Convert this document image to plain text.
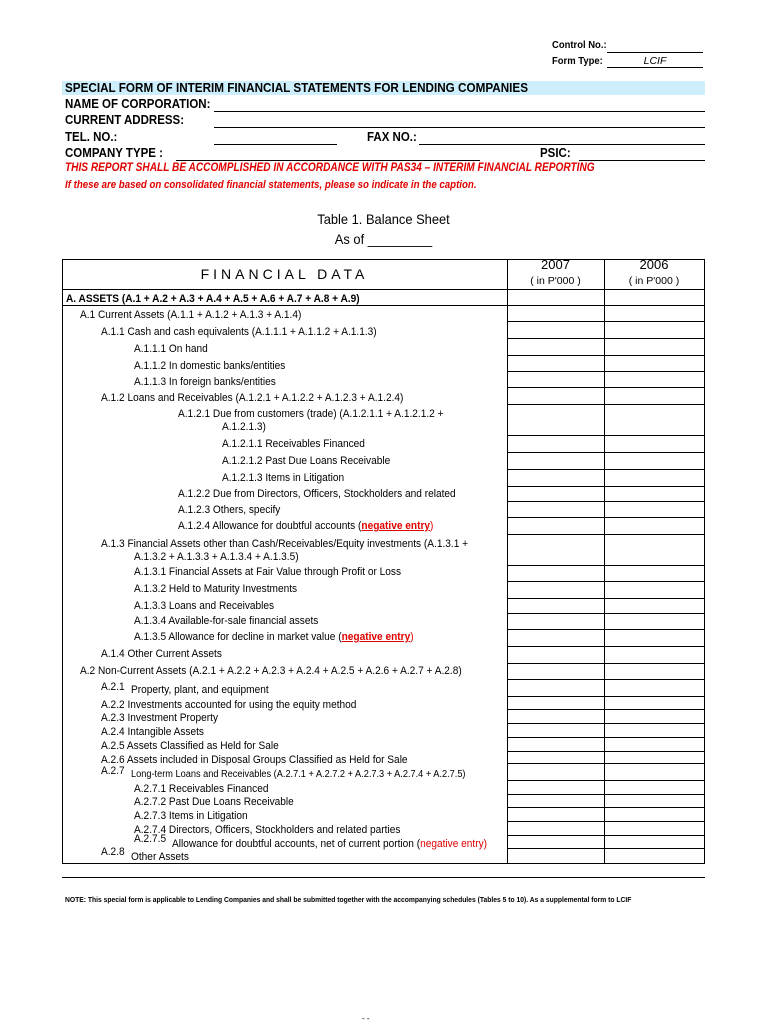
Control No.:
Form Type:	LCIF
SPECIAL FORM OF INTERIM FINANCIAL STATEMENTS FOR LENDING COMPANIES
NAME OF CORPORATION:
CURRENT ADDRESS:
TEL. NO.:	FAX NO.:
COMPANY TYPE :	PSIC:
THIS REPORT SHALL BE ACCOMPLISHED IN ACCORDANCE WITH PAS34 – INTERIM FINANCIAL REPORTING
If these are based on consolidated financial statements, please so indicate in the caption.
Table 1. Balance Sheet
As of _________
FINANCIAL DATA
2007
( in P'000 )
2006
( in P'000 )
A. ASSETS (A.1 + A.2 + A.3 + A.4 + A.5 + A.6 + A.7 + A.8 + A.9)
A.1 Current Assets (A.1.1 + A.1.2 + A.1.3 + A.1.4)
A.1.1 Cash and cash equivalents (A.1.1.1 + A.1.1.2 + A.1.1.3)
A.1.1.1 On hand
A.1.1.2 In domestic banks/entities
A.1.1.3 In foreign banks/entities
A.1.2 Loans and Receivables (A.1.2.1 + A.1.2.2 + A.1.2.3 + A.1.2.4)
A.1.2.1 Due from customers (trade) (A.1.2.1.1 + A.1.2.1.2 +
A.1.2.1.3)
A.1.2.1.1 Receivables Financed
A.1.2.1.2 Past Due Loans Receivable
A.1.2.1.3 Items in Litigation
A.1.2.2 Due from Directors, Officers, Stockholders and related
A.1.2.3 Others, specify
A.1.2.4 Allowance for doubtful accounts (negative entry)
A.1.3 Financial Assets other than Cash/Receivables/Equity investments (A.1.3.1 +
A.1.3.2 + A.1.3.3 + A.1.3.4 + A.1.3.5)
A.1.3.1 Financial Assets at Fair Value through Profit or Loss
A.1.3.2 Held to Maturity Investments
A.1.3.3 Loans and Receivables
A.1.3.4 Available-for-sale financial assets
A.1.3.5 Allowance for decline in market value (negative entry)
A.1.4 Other Current Assets
A.2 Non-Current Assets (A.2.1 + A.2.2 + A.2.3 + A.2.4 + A.2.5 + A.2.6 + A.2.7 + A.2.8)
A.2.1 Property, plant, and equipment
A.2.2 Investments accounted for using the equity method
A.2.3 Investment Property
A.2.4 Intangible Assets
A.2.5 Assets Classified as Held for Sale
A.2.6 Assets included in Disposal Groups Classified as Held for Sale
A.2.7 Long-term Loans and Receivables (A.2.7.1 + A.2.7.2 + A.2.7.3 + A.2.7.4 + A.2.7.5)
A.2.7.1 Receivables Financed
A.2.7.2 Past Due Loans Receivable
A.2.7.3 Items in Litigation
A.2.7.4 Directors, Officers, Stockholders and related parties
A.2.7.5 Allowance for doubtful accounts, net of current portion (negative entry)
A.2.8 Other Assets
NOTE: This special form is applicable to Lending Companies and shall be submitted together with the accompanying schedules (Tables 5 to 10). As a supplemental form to LCIF
- -
